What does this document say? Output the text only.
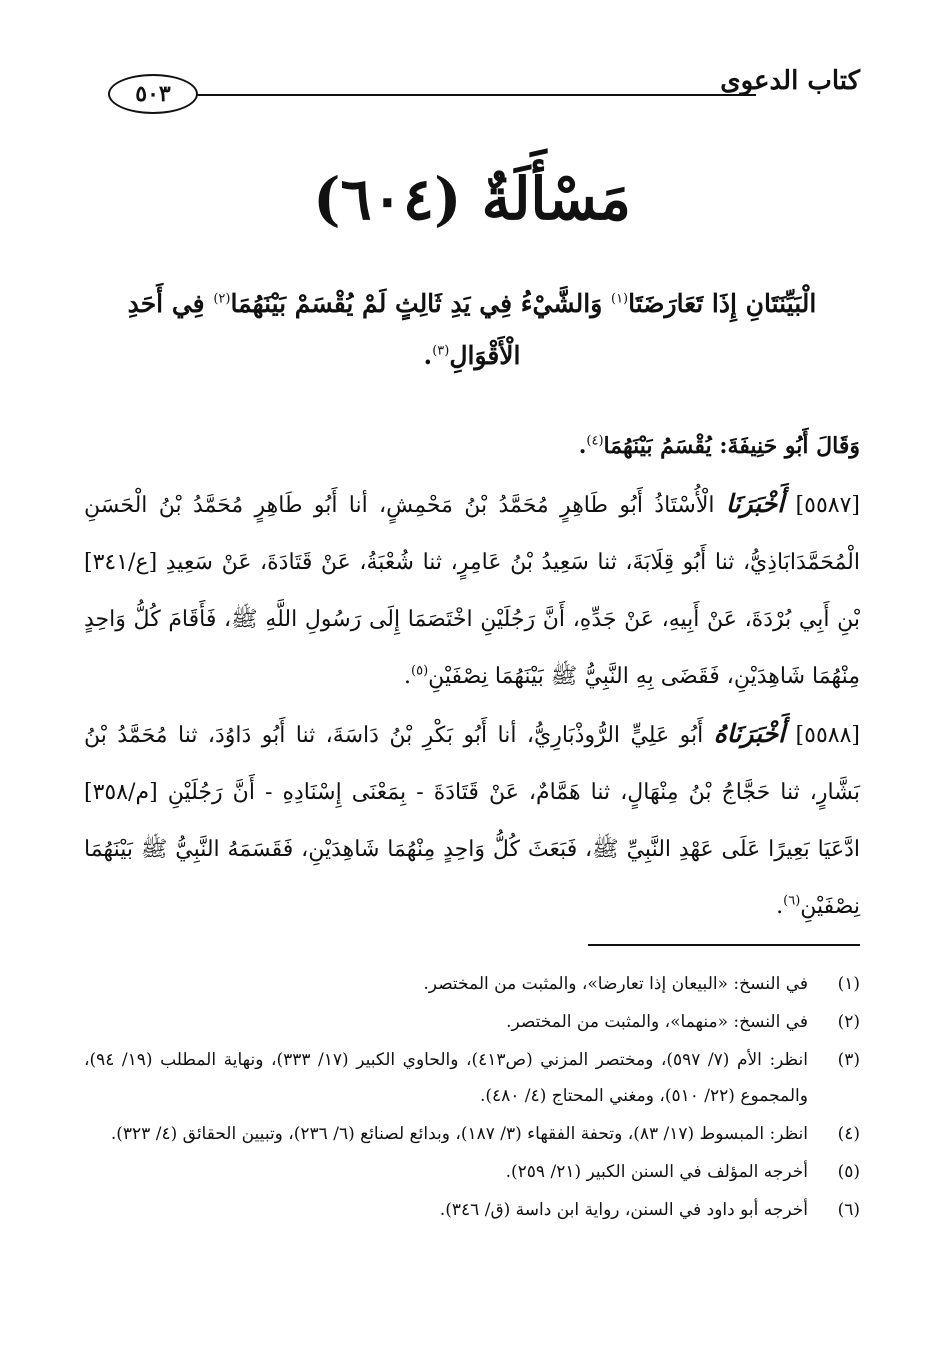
كتاب الدعوى
٥٠٣
مَسْأَلَةٌ (٦٠٤)
الْبَيِّنَتَانِ إِذَا تَعَارَضَتَا$^{(١)}$ وَالشَّيْءُ فِي يَدِ ثَالِثٍ لَمْ يُقْسَمْ بَيْنَهُمَا$^{(٢)}$ فِي أَحَدِ الْأَقْوَالِ$^{(٣)}$.

وَقَالَ أَبُو حَنِيفَةَ: يُقْسَمُ بَيْنَهُمَا$^{(٤)}$.

[٥٥٨٧] أَخْبَرَنَا الْأُسْتَاذُ أَبُو طَاهِرٍ مُحَمَّدُ بْنُ مَحْمِشٍ، أنا أَبُو طَاهِرٍ مُحَمَّدُ بْنُ الْحَسَنِ الْمُحَمَّدَابَاذِيُّ، ثنا أَبُو قِلَابَةَ، ثنا سَعِيدُ بْنُ عَامِرٍ، ثنا شُعْبَةُ، عَنْ قَتَادَةَ، عَنْ سَعِيدِ [ع/٣٤١] بْنِ أَبِي بُرْدَةَ، عَنْ أَبِيهِ، عَنْ جَدِّهِ، أَنَّ رَجُلَيْنِ اخْتَصَمَا إِلَى رَسُولِ اللَّهِ ﷺ، فَأَقَامَ كُلُّ وَاحِدٍ مِنْهُمَا شَاهِدَيْنِ، فَقَضَى بِهِ النَّبِيُّ ﷺ بَيْنَهُمَا نِصْفَيْنِ$^{(٥)}$.

[٥٥٨٨] أَخْبَرَنَاهُ أَبُو عَلِيٍّ الرُّوذْبَارِيُّ، أنا أَبُو بَكْرِ بْنُ دَاسَةَ، ثنا أَبُو دَاوُدَ، ثنا مُحَمَّدُ بْنُ بَشَّارٍ، ثنا حَجَّاجُ بْنُ مِنْهَالٍ، ثنا هَمَّامٌ، عَنْ قَتَادَةَ - بِمَعْنَى إِسْنَادِهِ - أَنَّ رَجُلَيْنِ [م/٣٥٨] ادَّعَيَا بَعِيرًا عَلَى عَهْدِ النَّبِيِّ ﷺ، فَبَعَثَ كُلُّ وَاحِدٍ مِنْهُمَا شَاهِدَيْنِ، فَقَسَمَهُ النَّبِيُّ ﷺ بَيْنَهُمَا نِصْفَيْنِ$^{(٦)}$.

(١)
في النسخ: «البيعان إذا تعارضا»، والمثبت من المختصر.
(٢)
في النسخ: «منهما»، والمثبت من المختصر.
(٣)
انظر: الأم (٧/ ٥٩٧)، ومختصر المزني (ص٤١٣)، والحاوي الكبير (١٧/ ٣٣٣)، ونهاية المطلب (١٩/ ٩٤)، والمجموع (٢٢/ ٥١٠)، ومغني المحتاج (٤/ ٤٨٠).
(٤)
انظر: المبسوط (١٧/ ٨٣)، وتحفة الفقهاء (٣/ ١٨٧)، وبدائع لصنائع (٦/ ٢٣٦)، وتبيين الحقائق (٤/ ٣٢٣).
(٥)
أخرجه المؤلف في السنن الكبير (٢١/ ٢٥٩).
(٦)
أخرجه أبو داود في السنن، رواية ابن داسة (ق/ ٣٤٦).
